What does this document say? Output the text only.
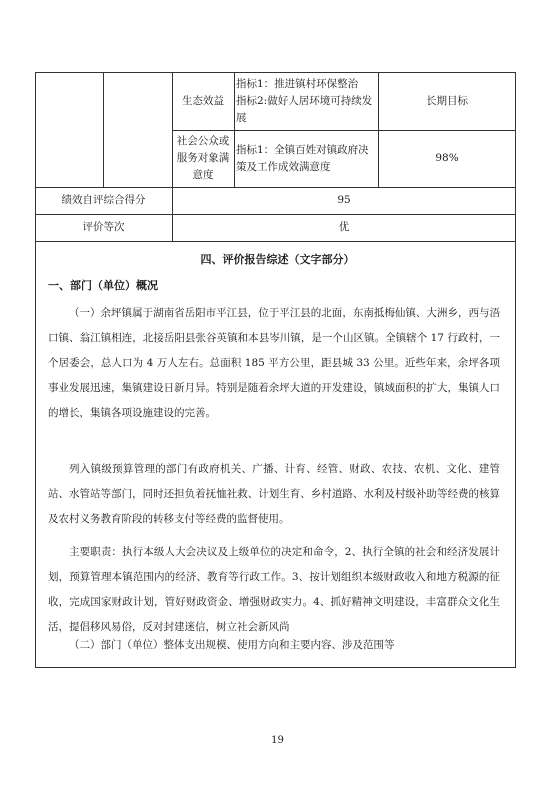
生态效益
指标1：推进镇村环保整治
指标2:做好人居环境可持续发展
长期目标
社会公众或服务对象满意度
指标1：全镇百姓对镇政府决策及工作成效满意度
98%
绩效自评综合得分	95
评价等次	优
四、评价报告综述（文字部分）
一、部门（单位）概况
（一）余坪镇属于湖南省岳阳市平江县，位于平江县的北面，东南抵梅仙镇、大洲乡，西与浯口镇、翁江镇相连，北接岳阳县张谷英镇和本县岑川镇，是一个山区镇。全镇辖个 17 行政村，一个居委会，总人口为 4 万人左右。总面积 185 平方公里，距县城 33 公里。近些年来，余坪各项事业发展迅速，集镇建设日新月异。特别是随着余坪大道的开发建设，镇域面积的扩大，集镇人口的增长，集镇各项设施建设的完善。
列入镇级预算管理的部门有政府机关、广播、计育、经管、财政、农技、农机、文化、建管站、水管站等部门，同时还担负着抚恤社救、计划生育、乡村道路、水利及村级补助等经费的核算及农村义务教育阶段的转移支付等经费的监督使用。
主要职责：执行本级人大会决议及上级单位的决定和命令，2、执行全镇的社会和经济发展计划，预算管理本镇范围内的经济、教育等行政工作。3、按计划组织本级财政收入和地方税源的征收，完成国家财政计划，管好财政资金、增强财政实力。4、抓好精神文明建设，丰富群众文化生活，提倡移风易俗，反对封建迷信，树立社会新风尚
（二）部门（单位）整体支出规模、使用方向和主要内容、涉及范围等
19
